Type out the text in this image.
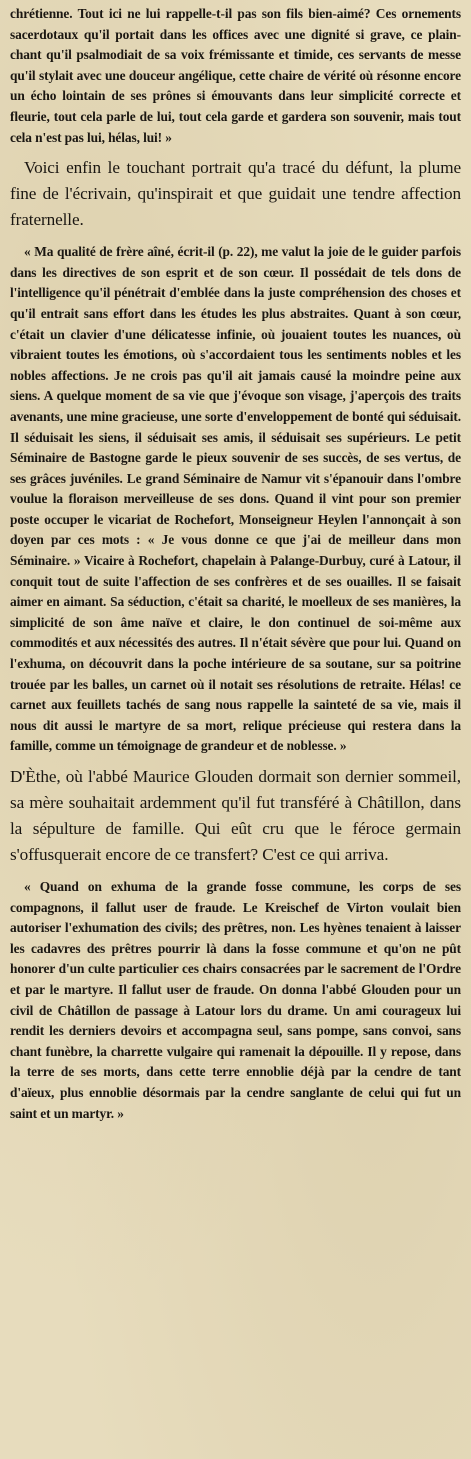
chrétienne. Tout ici ne lui rappelle-t-il pas son fils bien-aimé? Ces ornements sacerdotaux qu'il portait dans les offices avec une dignité si grave, ce plain-chant qu'il psalmodiait de sa voix frémissante et timide, ces servants de messe qu'il stylait avec une douceur angélique, cette chaire de vérité où résonne encore un écho lointain de ses prônes si émouvants dans leur simplicité correcte et fleurie, tout cela parle de lui, tout cela garde et gardera son souvenir, mais tout cela n'est pas lui, hélas, lui! »

Voici enfin le touchant portrait qu'a tracé du défunt, la plume fine de l'écrivain, qu'inspirait et que guidait une tendre affection fraternelle.

« Ma qualité de frère aîné, écrit-il (p. 22), me valut la joie de le guider parfois dans les directives de son esprit et de son cœur. Il possédait de tels dons de l'intelligence qu'il pénétrait d'emblée dans la juste compréhension des choses et qu'il entrait sans effort dans les études les plus abstraites. Quant à son cœur, c'était un clavier d'une délicatesse infinie, où jouaient toutes les nuances, où vibraient toutes les émotions, où s'accordaient tous les sentiments nobles et les nobles affections. Je ne crois pas qu'il ait jamais causé la moindre peine aux siens. A quelque moment de sa vie que j'évoque son visage, j'aperçois des traits avenants, une mine gracieuse, une sorte d'enveloppement de bonté qui séduisait. Il séduisait les siens, il séduisait ses amis, il séduisait ses supérieurs. Le petit Séminaire de Bastogne garde le pieux souvenir de ses succès, de ses vertus, de ses grâces juvéniles. Le grand Séminaire de Namur vit s'épanouir dans l'ombre voulue la floraison merveilleuse de ses dons. Quand il vint pour son premier poste occuper le vicariat de Rochefort, Monseigneur Heylen l'annonçait à son doyen par ces mots : « Je vous donne ce que j'ai de meilleur dans mon Séminaire. » Vicaire à Rochefort, chapelain à Palange-Durbuy, curé à Latour, il conquit tout de suite l'affection de ses confrères et de ses ouailles. Il se faisait aimer en aimant. Sa séduction, c'était sa charité, le moelleux de ses manières, la simplicité de son âme naïve et claire, le don continuel de soi-même aux commodités et aux nécessités des autres. Il n'était sévère que pour lui. Quand on l'exhuma, on découvrit dans la poche intérieure de sa soutane, sur sa poitrine trouée par les balles, un carnet où il notait ses résolutions de retraite. Hélas! ce carnet aux feuillets tachés de sang nous rappelle la sainteté de sa vie, mais il nous dit aussi le martyre de sa mort, relique précieuse qui restera dans la famille, comme un témoignage de grandeur et de noblesse. »

D'Èthe, où l'abbé Maurice Glouden dormait son dernier sommeil, sa mère souhaitait ardemment qu'il fut transféré à Châtillon, dans la sépulture de famille. Qui eût cru que le féroce germain s'offusquerait encore de ce transfert? C'est ce qui arriva.

« Quand on exhuma de la grande fosse commune, les corps de ses compagnons, il fallut user de fraude. Le Kreischef de Virton voulait bien autoriser l'exhumation des civils; des prêtres, non. Les hyènes tenaient à laisser les cadavres des prêtres pourrir là dans la fosse commune et qu'on ne pût honorer d'un culte particulier ces chairs consacrées par le sacrement de l'Ordre et par le martyre. Il fallut user de fraude. On donna l'abbé Glouden pour un civil de Châtillon de passage à Latour lors du drame. Un ami courageux lui rendit les derniers devoirs et accompagna seul, sans pompe, sans convoi, sans chant funèbre, la charrette vulgaire qui ramenait la dépouille. Il y repose, dans la terre de ses morts, dans cette terre ennoblie déjà par la cendre de tant d'aïeux, plus ennoblie désormais par la cendre sanglante de celui qui fut un saint et un martyr. »
